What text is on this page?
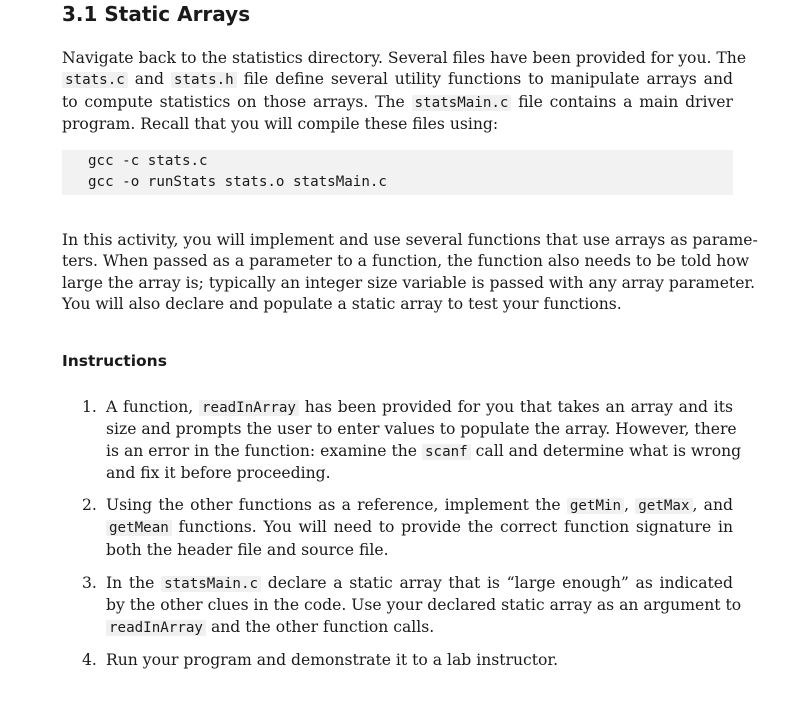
3.1 Static Arrays
Navigate back to the statistics directory. Several files have been provided for you. The
stats.c and stats.h file define several utility functions to manipulate arrays and
to compute statistics on those arrays. The statsMain.c file contains a main driver
program. Recall that you will compile these files using:
gcc -c stats.c
gcc -o runStats stats.o statsMain.c
In this activity, you will implement and use several functions that use arrays as parame-
ters. When passed as a parameter to a function, the function also needs to be told how
large the array is; typically an integer size variable is passed with any array parameter.
You will also declare and populate a static array to test your functions.
Instructions
1. A function, readInArray has been provided for you that takes an array and its
size and prompts the user to enter values to populate the array. However, there
is an error in the function: examine the scanf call and determine what is wrong
and fix it before proceeding.
2. Using the other functions as a reference, implement the getMin , getMax , and
getMean functions. You will need to provide the correct function signature in
both the header file and source file.
3. In the statsMain.c declare a static array that is “large enough” as indicated
by the other clues in the code. Use your declared static array as an argument to
readInArray and the other function calls.
4. Run your program and demonstrate it to a lab instructor.
